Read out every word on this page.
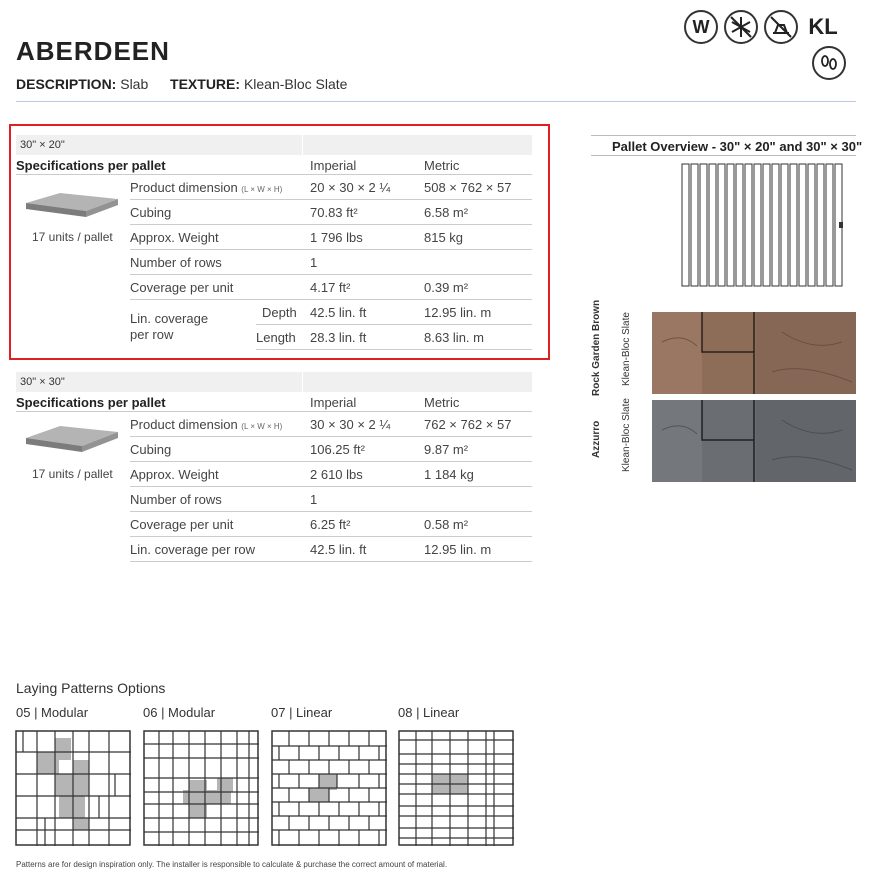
ABERDEEN
DESCRIPTION: Slab TEXTURE: Klean-Bloc Slate
W	KL
30" × 20"
Specifications per pallet	Imperial	Metric
17 units / pallet
Product dimension (L × W × H) 20 × 30 × 2 ¼	508 × 762 × 57
Cubing	70.83 ft²	6.58 m²
Approx. Weight	1 796 lbs	815 kg
Number of rows	1
Coverage per unit	4.17 ft²	0.39 m²
Lin. coverage
per row
Depth 42.5 lin. ft	12.95 lin. m
Length 28.3 lin. ft	8.63 lin. m
30" × 30"
Specifications per pallet	Imperial	Metric
17 units / pallet
Product dimension (L × W × H) 30 × 30 × 2 ¼	762 × 762 × 57
Cubing	106.25 ft²	9.87 m²
Approx. Weight	2 610 lbs	1 184 kg
Number of rows	1
Coverage per unit	6.25 ft²	0.58 m²
Lin. coverage per row	42.5 lin. ft	12.95 lin. m
Pallet Overview - 30" × 20" and 30" × 30"
Rock Garden Brown Klean-Bloc Slate
Azzurro Klean-Bloc Slate
Laying Patterns Options
05 | Modular	06 | Modular	07 | Linear	08 | Linear
Patterns are for design inspiration only. The installer is responsible to calculate & purchase the correct amount of material.
